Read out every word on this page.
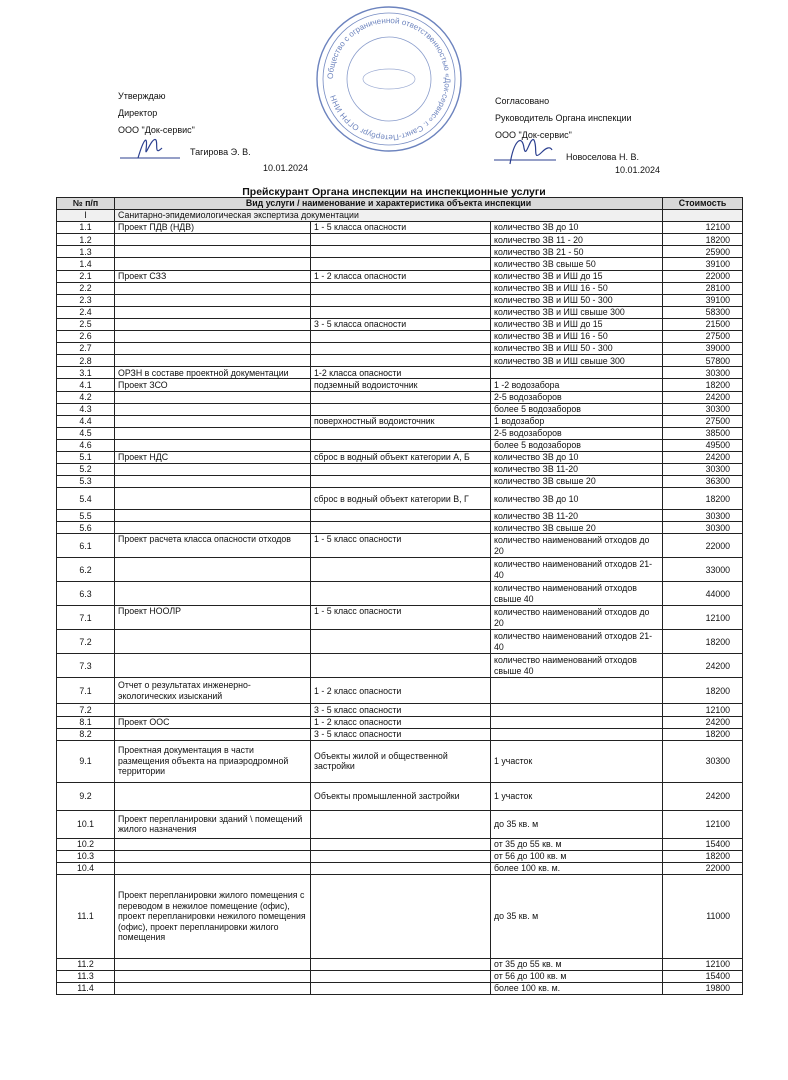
Утверждаю
Директор
ООО "Док-сервис"
Тагирова Э. В.
10.01.2024
Общество с ограниченной ответственностью «Док-сервис» г. Санкт-Петербург ОГРН ИНН	Согласовано
Руководитель Органа инспекции
ООО "Док-сервис"
Новоселова Н. В.
10.01.2024
Прейскурант Органа инспекции на инспекционные услуги
№ п/п	Вид услуги / наименование и характеристика объекта инспекции			Стоимость
I	Санитарно-эпидемиологическая экспертиза документации			
1.1	Проект ПДВ (НДВ)	1 - 5 класса опасности	количество ЗВ до 10	12100
1.2			количество ЗВ 11 - 20	18200
1.3			количество ЗВ 21 - 50	25900
1.4			количество ЗВ свыше 50	39100
2.1	Проект СЗЗ	1 - 2 класса опасности	количество ЗВ и ИШ до 15	22000
2.2			количество ЗВ и ИШ 16 - 50	28100
2.3			количество ЗВ и ИШ 50 - 300	39100
2.4			количество ЗВ и ИШ свыше 300	58300
2.5		3 - 5 класса опасности	количество ЗВ и ИШ до 15	21500
2.6			количество ЗВ и ИШ 16 - 50	27500
2.7			количество ЗВ и ИШ 50 - 300	39000
2.8			количество ЗВ и ИШ свыше 300	57800
3.1	ОРЗН в составе проектной документации	1-2 класса опасности		30300
4.1	Проект ЗСО	подземный водоисточник	1 -2 водозабора	18200
4.2			2-5 водозаборов	24200
4.3			более 5 водозаборов	30300
4.4		поверхностный водоисточник	1 водозабор	27500
4.5			2-5 водозаборов	38500
4.6			более 5 водозаборов	49500
5.1	Проект НДС	сброс в водный объект категории А, Б	количество ЗВ до 10	24200
5.2			количество ЗВ 11-20	30300
5.3			количество ЗВ свыше 20	36300
5.4		сброс в водный объект категории В, Г	количество ЗВ до 10	18200
5.5			количество ЗВ 11-20	30300
5.6			количество ЗВ свыше 20	30300
6.1	Проект расчета класса опасности отходов	1 - 5 класс опасности	количество наименований отходов до 20	22000
6.2			количество наименований отходов 21-40	33000
6.3			количество наименований отходов свыше 40	44000
7.1	Проект НООЛР	1 - 5 класс опасности	количество наименований отходов до 20	12100
7.2			количество наименований отходов 21-40	18200
7.3			количество наименований отходов свыше 40	24200
7.1	Отчет о результатах инженерно-экологических изысканий	1 - 2 класс опасности		18200
7.2		3 - 5 класс опасности		12100
8.1	Проект ООС	1 - 2 класс опасности		24200
8.2		3 - 5 класс опасности		18200
9.1	Проектная документация в части размещения объекта на приаэродромной территории	Объекты жилой и общественной застройки	1 участок	30300
9.2		Объекты промышленной застройки	1 участок	24200
10.1	Проект перепланировки зданий \ помещений жилого назначения		до 35 кв. м	12100
10.2			от 35 до 55 кв. м	15400
10.3			от 56 до 100 кв. м	18200
10.4			более 100 кв. м.	22000
11.1	Проект перепланировки жилого помещения с переводом в нежилое помещение (офис), проект перепланировки нежилого помещения (офис), проект перепланировки жилого помещения		до 35 кв. м	11000
11.2			от 35 до 55 кв. м	12100
11.3			от 56 до 100 кв. м	15400
11.4			более 100 кв. м.	19800
